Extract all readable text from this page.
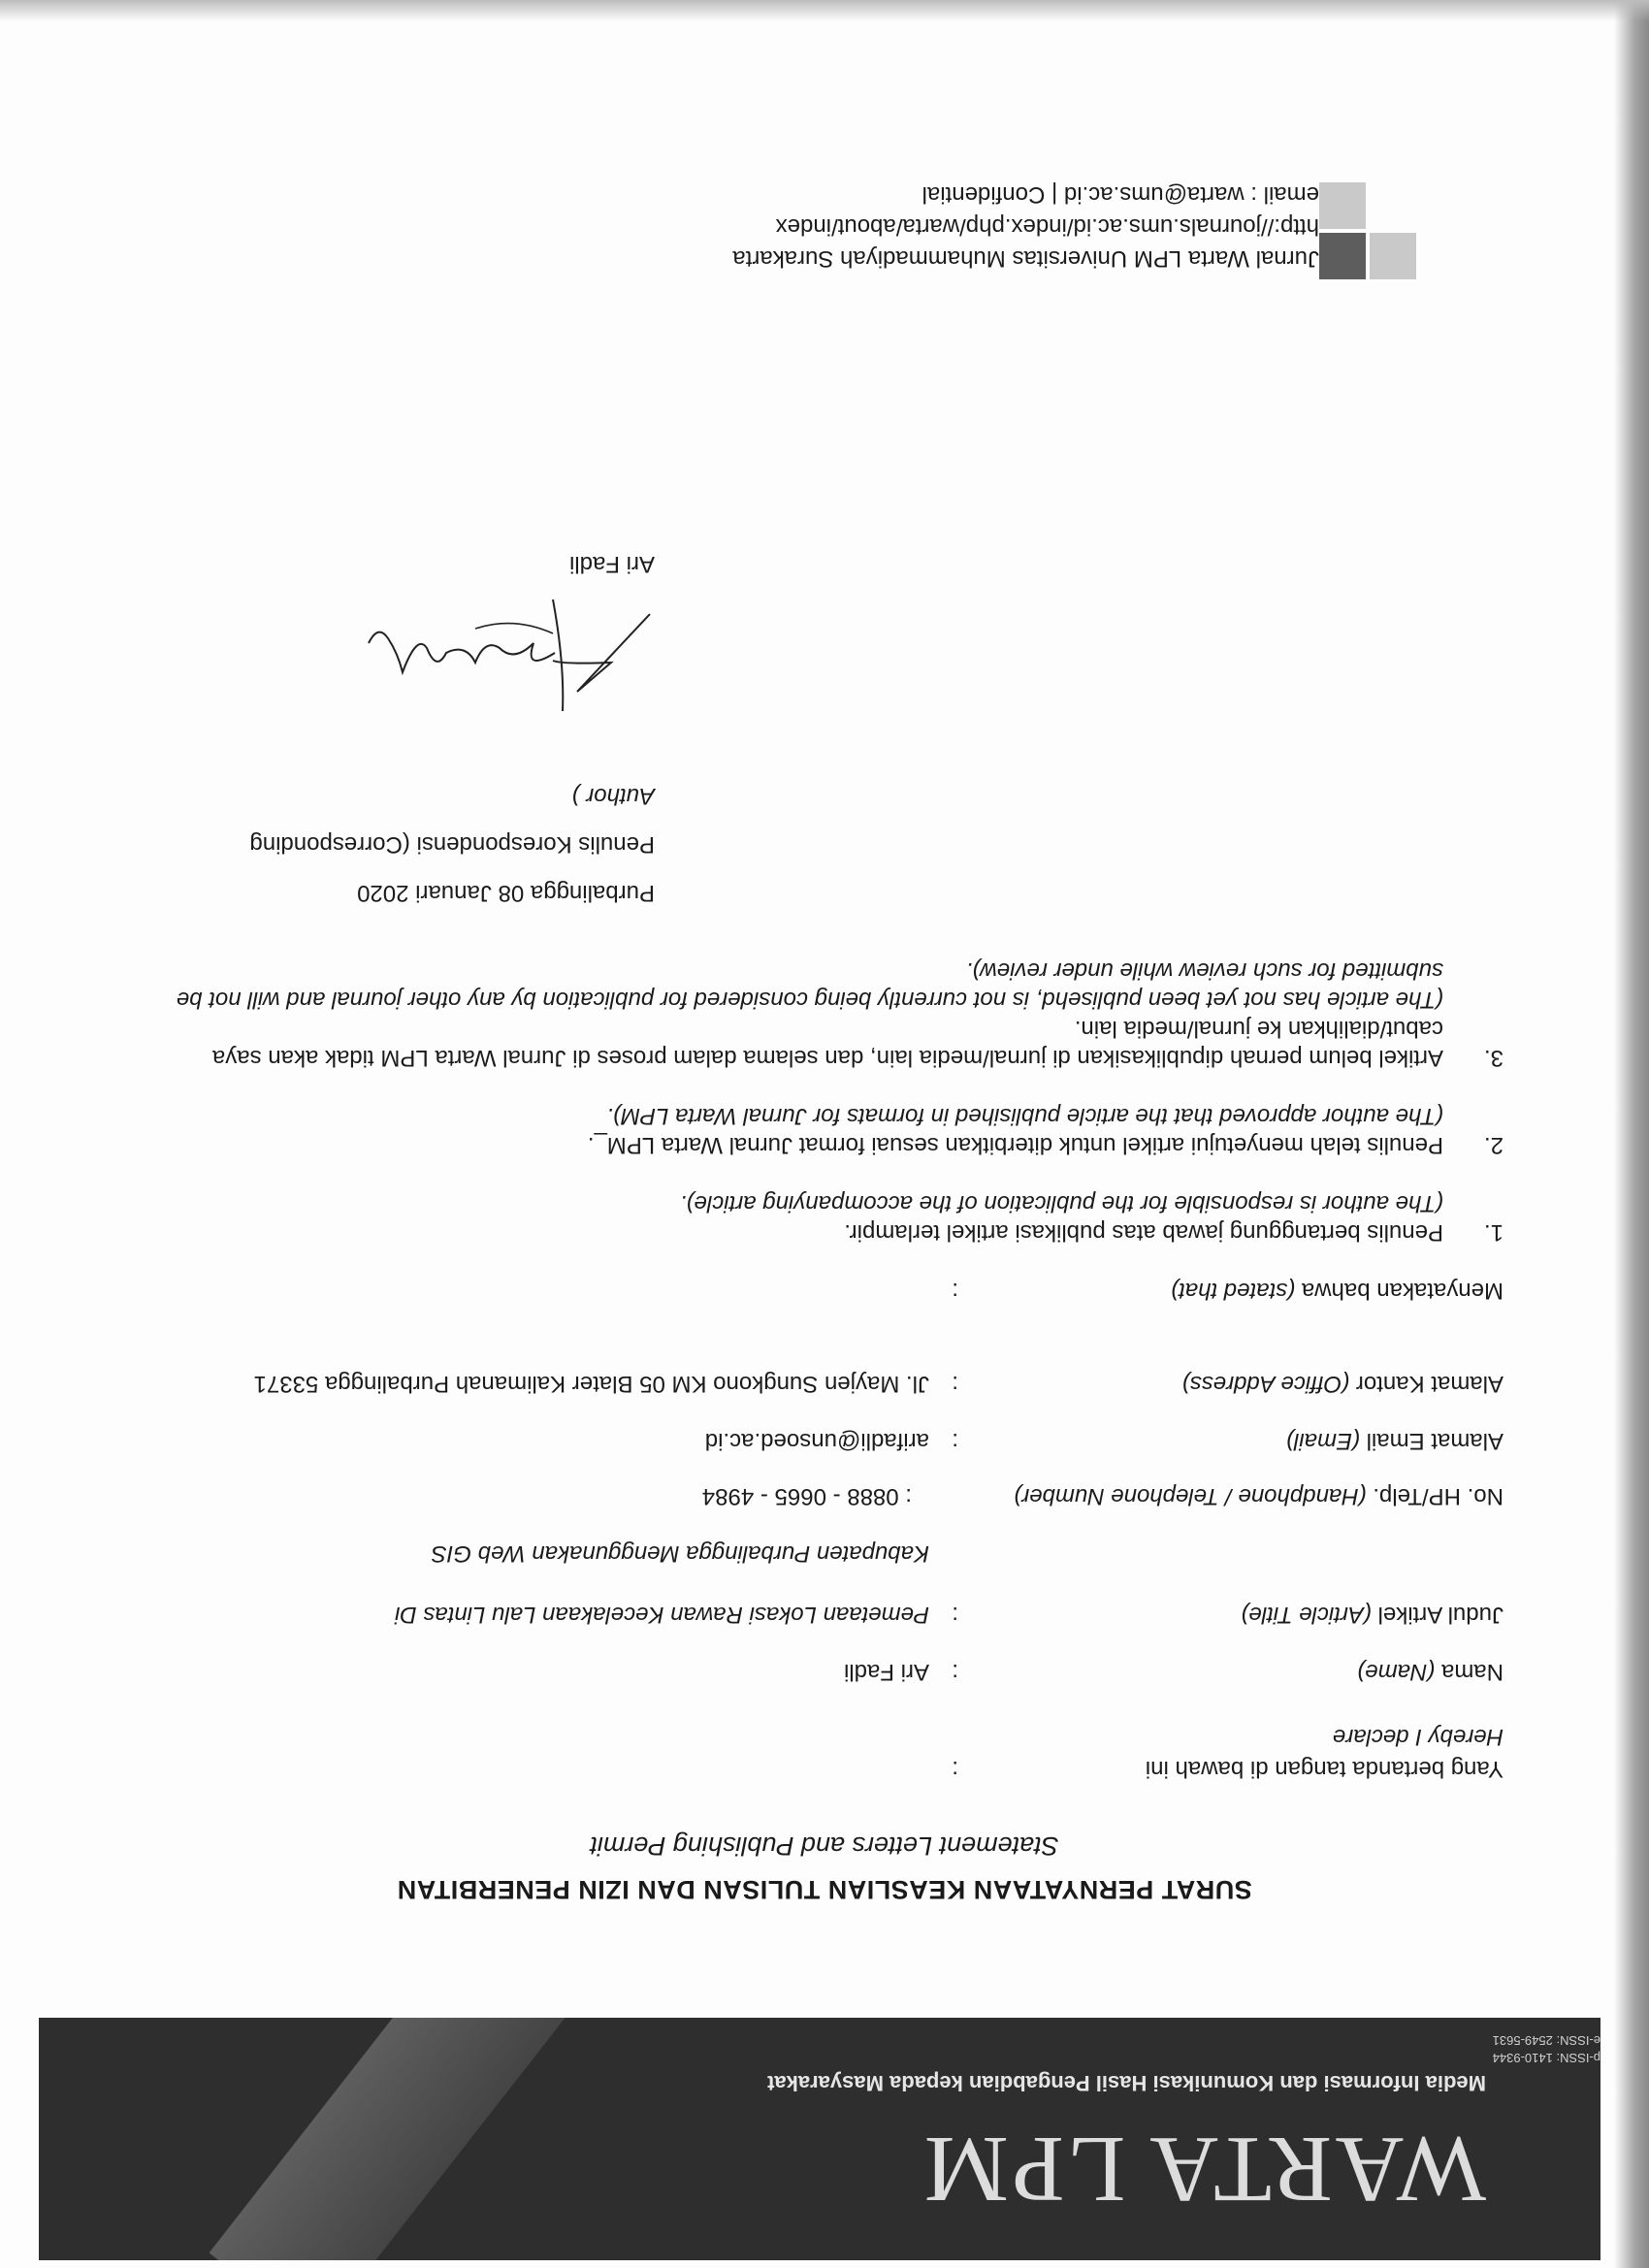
WARTA LPM
Media Informasi dan Komunikasi Hasil Pengabdian kepada Masyarakat
p-ISSN: 1410-9344
e-ISSN: 2549-5631
SURAT PERNYATAAN KEASLIAN TULISAN DAN IZIN PENERBITAN
Statement Letters and Publishing Permit
Yang bertanda tangan di bawah ini
:
Hereby I declare
Nama (Name)
:
Ari Fadli
Judul Artikel (Article Title)
:
Pemetaan Lokasi Rawan Kecelakaan Lalu Lintas Di
Kabupaten Purbalingga Menggunakan Web GIS
No. HP/Telp. (Handphone / Telephone Number)
: 0888 - 0665 - 4984
Alamat Email (Email)
:
arifadli@unsoed.ac.id
Alamat Kantor (Office Address)
:
Jl. Mayjen Sungkono KM 05 Blater Kalimanah Purbalingga 53371
Menyatakan bahwa (stated that)
:
1.
Penulis bertanggung jawab atas publikasi artikel terlampir.
(The author is responsible for the publication of the accompanying article).
2.
Penulis telah menyetujui artikel untuk diterbitkan sesuai format Jurnal Warta LPM_.
(The author approved that the article publisihed in formats for Jurnal Warta LPM).
3.
Artikel belum pernah dipublikasikan di jurnal/media lain, dan selama dalam proses di Jurnal Warta LPM tidak akan saya cabut/dialihkan ke jurnal/media lain.
(The article has not yet been publisehd, is not currently being considered for publication by any other journal and will not be submitted for such review while under review).
Purbalingga 08 Januari 2020
Penulis Korespondensi (Corresponding
Author )
Ari Fadli
Jurnal Warta LPM Universitas Muhammadiyah Surakarta
http://journals.ums.ac.id/index.php/warta/about/index
email : warta@ums.ac.id | Confidential
